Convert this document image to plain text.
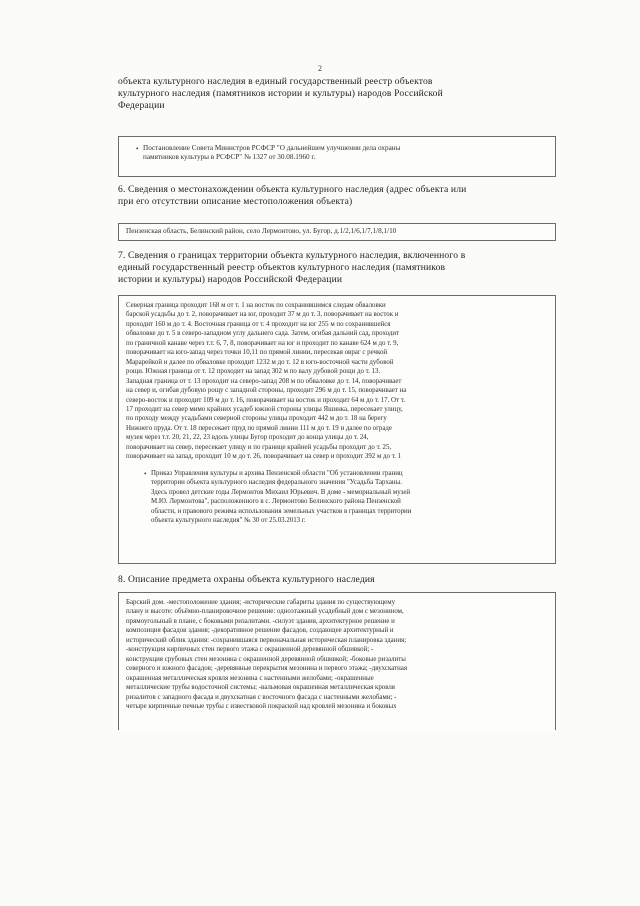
2

объекта культурного наследия в единый государственный реестр объектов

культурного наследия (памятников истории и культуры) народов Российской

Федерации

• Постановление Совета Министров РСФСР "О дальнейшем улучшении дела охраны

памятников культуры в РСФСР" № 1327 от 30.08.1960 г.

6. Сведения о местонахождении объекта культурного наследия (адрес объекта или

при его отсутствии описание местоположения объекта)

Пензенская область, Белинский район, село Лермонтово, ул. Бугор, д.1/2,1/6,1/7,1/8,1/10

7. Сведения о границах территории объекта культурного наследия, включенного в

единый государственный реестр объектов культурного наследия (памятников

истории и культуры) народов Российской Федерации

Северная граница проходит 168 м от т. 1 на восток по сохранившимся следам обваловки

барской усадьбы до т. 2, поворачивает на юг, проходит 37 м до т. 3, поворачивает на восток и

проходит 160 м до т. 4. Восточная граница от т. 4 проходит на юг 255 м по сохранившейся

обваловке до т. 5 в северо-западном углу дальнего сада. Затем, огибая дальний сад, проходит

по граничной канаве через т.т. 6, 7, 8, поворачивает на юг и проходит по канаве 624 м до т. 9,

поворачивает на юго-запад через точки 10,11 по прямой линии, пересекая овраг с речкой

Марарейкой и далее по обваловке проходит 1232 м до т. 12 в юго-восточной части дубовой

рощи. Южная граница от т. 12 проходит на запад 302 м по валу дубовой рощи до т. 13.

Западная граница от т. 13 проходит на северо-запад 208 м по обваловке до т. 14, поворачивает

на север и, огибая дубовую рощу с западной стороны, проходит 296 м до т. 15, поворачивает на

северо-восток и проходит 109 м до т. 16, поворачивает на восток и проходит 64 м до т. 17. От т.

17 проходит на север мимо крайних усадеб южной стороны улицы Яшинка, пересекает улицу,

по проходу между усадьбами северной стороны улицы проходит 442 м до т. 18 на берегу

Нижнего пруда. От т. 18 пересекает пруд по прямой линии 111 м до т. 19 и далее по ограде

музея через т.т. 20, 21, 22, 23 вдоль улицы Бугор проходит до конца улицы до т. 24,

поворачивает на север, пересекает улицу и по границе крайней усадьбы проходит до т. 25,

поворачивает на запад, проходит 10 м до т. 26, поворачивает на север и проходит 392 м до т. 1

• Приказ Управления культуры и архива Пензенской области "Об установлении границ

территории объекта культурного наследия федерального значения "Усадьба Тарханы.

Здесь провел детские годы Лермонтов Михаил Юрьевич. В доме - мемориальный музей

М.Ю. Лермонтова", расположенного в с. Лермонтово Белинского района Пензенской

области, и правового режима использования земельных участков в границах территории

объекта культурного наследия" № 30 от 25.03.2013 г.

8. Описание предмета охраны объекта культурного наследия

Барский дом. -местоположение здания; -исторические габариты здания по существующему

плану и высоте: объёмно-планировочное решение: одноэтажный усадебный дом с мезонином,

прямоугольный в плане, с боковыми ризалитами. -силуэт здания, архитектурное решение и

композиция фасадов здания; -декоративное решение фасадов, создающее архитектурный и

исторический облик здания: -сохранившаяся первоначальная историческая планировка здания;

-конструкция кирпичных стен первого этажа с окрашенной деревянной обшивкой; -

конструкция срубовых стен мезонина с окрашенной деревянной обшивкой; -боковые ризалиты

северного и южного фасадов; -деревянные перекрытия мезонина и первого этажа; -двухскатная

окрашенная металлическая кровля мезонина с настенными желобами; -окрашенные

металлические трубы водосточной системы; -вальмовая окрашенная металлическая кровля

ризалитов с западного фасада и двухскатная с восточного фасада с настенными желобами; -

четыре кирпичные печные трубы с известковой покраской над кровлей мезонина и боковых
